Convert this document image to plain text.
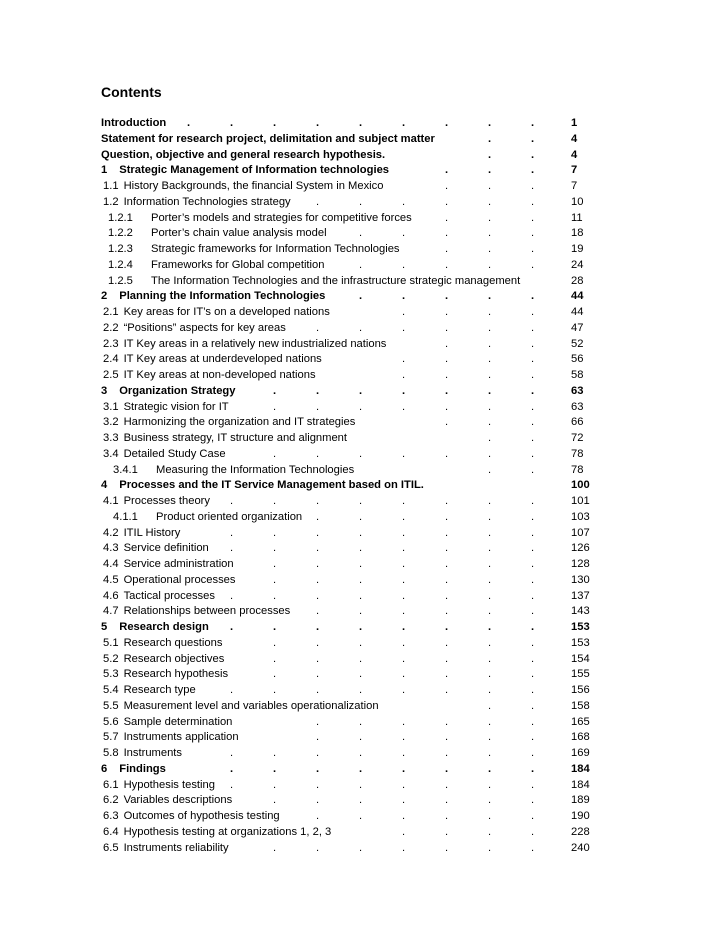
Contents
Introduction .	.	.	.	.	.	.	.	.	1
Statement for research project, delimitation and subject matter	.	.	4
Question, objective and general research hypothesis.	.	.	4
1 Strategic Management of Information technologies	.	.	.	7
1.1 History Backgrounds, the financial System in Mexico	.	.	.	7
1.2 Information Technologies strategy .	.	.	.	.	.	10
1.2.1 Porter’s models and strategies for competitive forces	.	.	.	11
1.2.2 Porter’s chain value analysis model	.	.	.	.	.	18
1.2.3 Strategic frameworks for Information Technologies	.	.	.	19
1.2.4 Frameworks for Global competition	.	.	.	.	.	24
1.2.5 The Information Technologies and the infrastructure strategic management	28
2 Planning the Information Technologies	.	.	.	.	.	44
2.1 Key areas for IT’s on a developed nations	.	.	.	.	44
2.2 “Positions” aspects for key areas	.	.	.	.	.	.	47
2.3 IT Key areas in a relatively new industrialized nations	.	.	.	52
2.4 IT Key areas at underdeveloped nations	.	.	.	.	56
2.5 IT Key areas at non-developed nations	.	.	.	.	58
3 Organization Strategy	.	.	.	.	.	.	.	63
3.1 Strategic vision for IT	.	.	.	.	.	.	.	63
3.2 Harmonizing the organization and IT strategies	.	.	.	66
3.3 Business strategy, IT structure and alignment	.	.	72
3.4 Detailed Study Case	.	.	.	.	.	.	.	78
3.4.1 Measuring the Information Technologies	.	.	78
4 Processes and the IT Service Management based on ITIL.	100
4.1 Processes theory .	.	.	.	.	.	.	.	101
4.1.1 Product oriented organization .	.	.	.	.	.	103
4.2 ITIL History	.	.	.	.	.	.	.	.	107
4.3 Service definition .	.	.	.	.	.	.	.	126
4.4 Service administration	.	.	.	.	.	.	.	128
4.5 Operational processes	.	.	.	.	.	.	.	130
4.6 Tactical processes .	.	.	.	.	.	.	.	137
4.7 Relationships between processes .	.	.	.	.	.	143
5 Research design .	.	.	.	.	.	.	.	153
5.1 Research questions	.	.	.	.	.	.	.	153
5.2 Research objectives	.	.	.	.	.	.	.	154
5.3 Research hypothesis	.	.	.	.	.	.	.	155
5.4 Research type	.	.	.	.	.	.	.	.	156
5.5 Measurement level and variables operationalization	.	.	158
5.6 Sample determination	.	.	.	.	.	.	165
5.7 Instruments application	.	.	.	.	.	.	168
5.8 Instruments	.	.	.	.	.	.	.	.	169
6 Findings	.	.	.	.	.	.	.	.	184
6.1 Hypothesis testing .	.	.	.	.	.	.	.	184
6.2 Variables descriptions	.	.	.	.	.	.	.	189
6.3 Outcomes of hypothesis testing	.	.	.	.	.	.	190
6.4 Hypothesis testing at organizations 1, 2, 3	.	.	.	.	228
6.5 Instruments reliability	.	.	.	.	.	.	.	240
